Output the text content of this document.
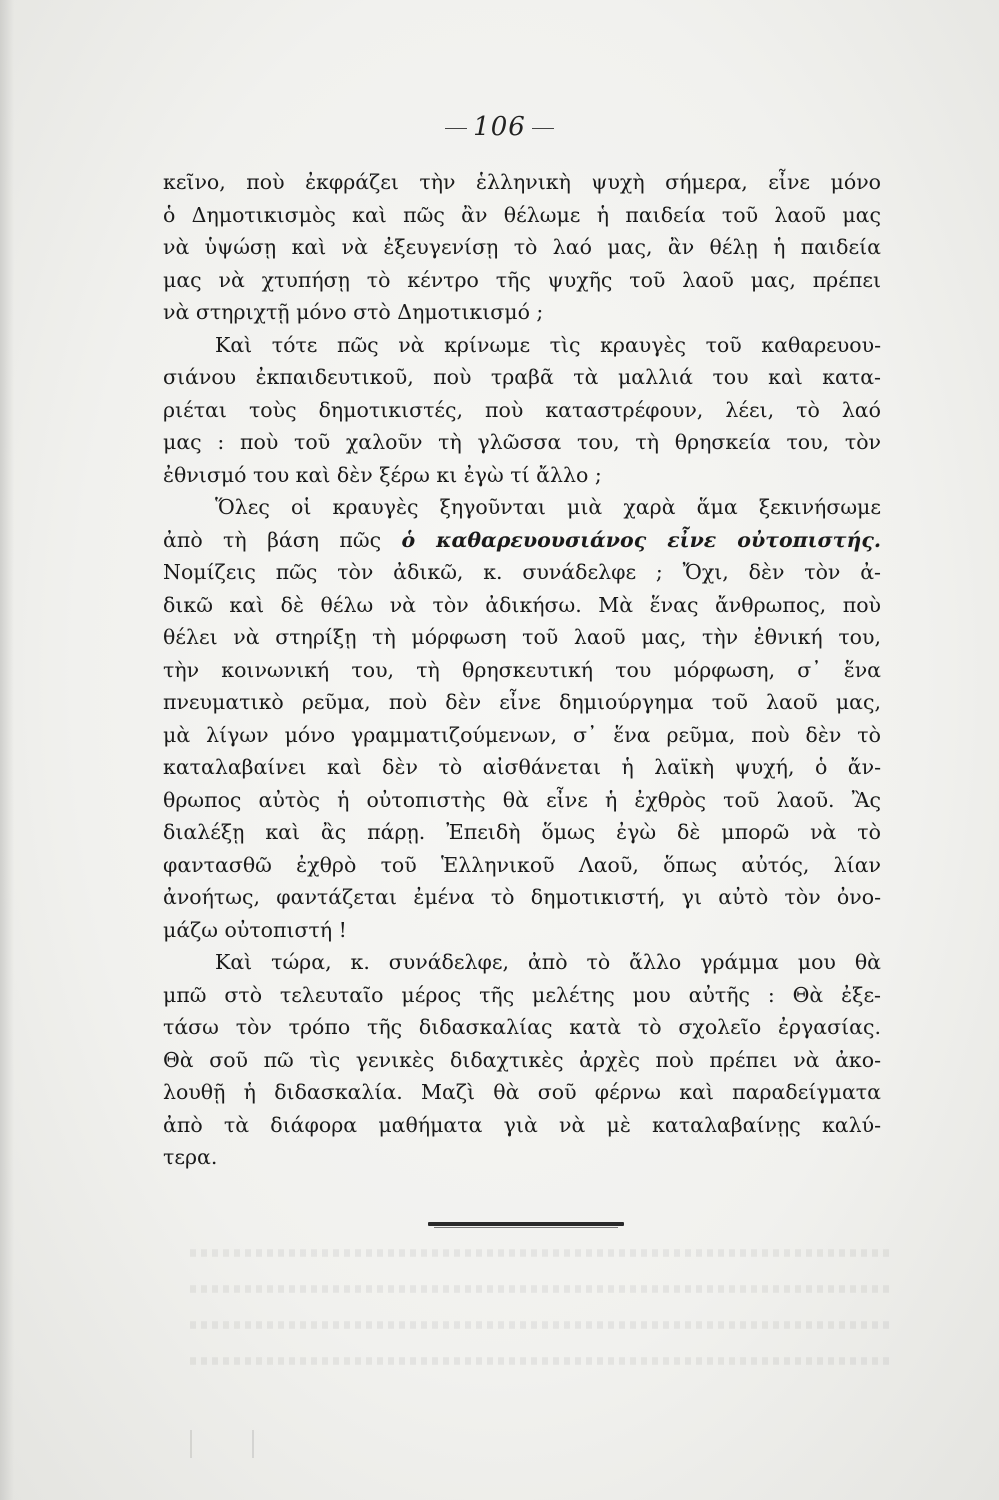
106
κεῖνο, ποὺ ἐκφράζει τὴν ἑλληνικὴ ψυχὴ σήμερα, εἶνε μόνο
ὁ Δημοτικισμὸς καὶ πῶς ἂν θέλωμε ἡ παιδεία τοῦ λαοῦ μας
νὰ ὑψώσῃ καὶ νὰ ἐξευγενίσῃ τὸ λαό μας, ἂν θέλῃ ἡ παιδεία
μας νὰ χτυπήσῃ τὸ κέντρο τῆς ψυχῆς τοῦ λαοῦ μας, πρέπει
νὰ στηριχτῇ μόνο στὸ Δημοτικισμό ;
Καὶ τότε πῶς νὰ κρίνωμε τὶς κραυγὲς τοῦ καθαρευου-
σιάνου ἐκπαιδευτικοῦ, ποὺ τραβᾶ τὰ μαλλιά του καὶ κατα-
ριέται τοὺς δημοτικιστές, ποὺ καταστρέφουν, λέει, τὸ λαό
μας : ποὺ τοῦ χαλοῦν τὴ γλῶσσα του, τὴ θρησκεία του, τὸν
ἐθνισμό του καὶ δὲν ξέρω κι ἐγὼ τί ἄλλο ;
Ὅλες οἱ κραυγὲς ξηγοῦνται μιὰ χαρὰ ἅμα ξεκινήσωμε
ἀπὸ τὴ βάση πῶς ὁ καθαρευουσιάνος εἶνε οὐτοπιστής.
Νομίζεις πῶς τὸν ἀδικῶ, κ. συνάδελφε ; Ὄχι, δὲν τὸν ἀ-
δικῶ καὶ δὲ θέλω νὰ τὸν ἀδικήσω. Μὰ ἕνας ἄνθρωπος, ποὺ
θέλει νὰ στηρίξῃ τὴ μόρφωση τοῦ λαοῦ μας, τὴν ἐθνική του,
τὴν κοινωνική του, τὴ θρησκευτική του μόρφωση, σ᾽ ἕνα
πνευματικὸ ρεῦμα, ποὺ δὲν εἶνε δημιούργημα τοῦ λαοῦ μας,
μὰ λίγων μόνο γραμματιζούμενων, σ᾽ ἕνα ρεῦμα, ποὺ δὲν τὸ
καταλαβαίνει καὶ δὲν τὸ αἰσθάνεται ἡ λαϊκὴ ψυχή, ὁ ἄν-
θρωπος αὐτὸς ἡ οὐτοπιστὴς θὰ εἶνε ἡ ἐχθρὸς τοῦ λαοῦ. Ἂς
διαλέξῃ καὶ ἂς πάρῃ. Ἐπειδὴ ὅμως ἐγὼ δὲ μπορῶ νὰ τὸ
φαντασθῶ ἐχθρὸ τοῦ Ἑλληνικοῦ Λαοῦ, ὅπως αὐτός, λίαν
ἀνοήτως, φαντάζεται ἐμένα τὸ δημοτικιστή, γι αὐτὸ τὸν ὀνο-
μάζω οὐτοπιστή !
Καὶ τώρα, κ. συνάδελφε, ἀπὸ τὸ ἄλλο γράμμα μου θὰ
μπῶ στὸ τελευταῖο μέρος τῆς μελέτης μου αὐτῆς : Θὰ ἐξε-
τάσω τὸν τρόπο τῆς διδασκαλίας κατὰ τὸ σχολεῖο ἐργασίας.
Θὰ σοῦ πῶ τὶς γενικὲς διδαχτικὲς ἀρχὲς ποὺ πρέπει νὰ ἀκο-
λουθῇ ἡ διδασκαλία. Μαζὶ θὰ σοῦ φέρνω καὶ παραδείγματα
ἀπὸ τὰ διάφορα μαθήματα γιὰ νὰ μὲ καταλαβαίνῃς καλύ-
τερα.
